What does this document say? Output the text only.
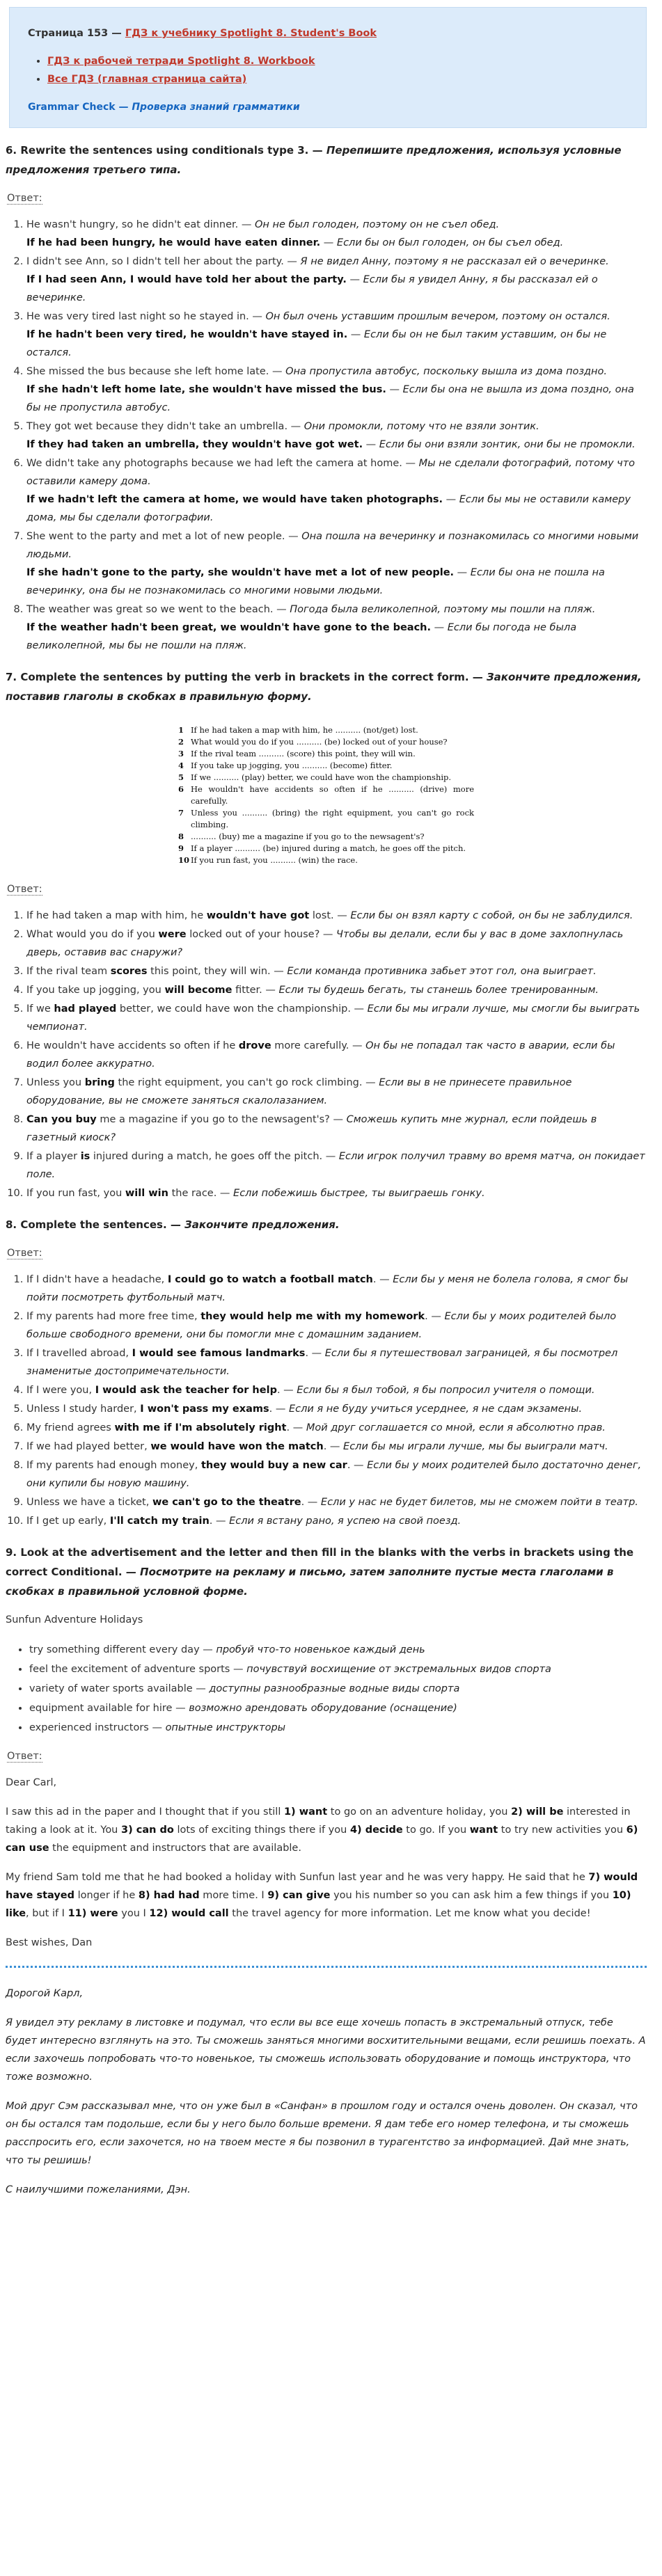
Страница 153 — ГДЗ к учебнику Spotlight 8. Student's Book
• ГДЗ к рабочей тетради Spotlight 8. Workbook
• Все ГДЗ (главная страница сайта)
Grammar Check — Проверка знаний грамматики
6. Rewrite the sentences using conditionals type 3. — Перепишите предложения, используя условные предложения третьего типа.
Ответ:
1. He wasn't hungry, so he didn't eat dinner. — Он не был голоден, поэтому он не съел обед.
If he had been hungry, he would have eaten dinner. — Если бы он был голоден, он бы съел обед.
2. I didn't see Ann, so I didn't tell her about the party. — Я не видел Анну, поэтому я не рассказал ей о вечеринке.
If I had seen Ann, I would have told her about the party. — Если бы я увидел Анну, я бы рассказал ей о вечеринке.
3. He was very tired last night so he stayed in. — Он был очень уставшим прошлым вечером, поэтому он остался.
If he hadn't been very tired, he wouldn't have stayed in. — Если бы он не был таким уставшим, он бы не остался.
4. She missed the bus because she left home late. — Она пропустила автобус, поскольку вышла из дома поздно.
If she hadn't left home late, she wouldn't have missed the bus. — Если бы она не вышла из дома поздно, она бы не пропустила автобус.
5. They got wet because they didn't take an umbrella. — Они промокли, потому что не взяли зонтик.
If they had taken an umbrella, they wouldn't have got wet. — Если бы они взяли зонтик, они бы не промокли.
6. We didn't take any photographs because we had left the camera at home. — Мы не сделали фотографий, потому что оставили камеру дома.
If we hadn't left the camera at home, we would have taken photographs. — Если бы мы не оставили камеру дома, мы бы сделали фотографии.
7. She went to the party and met a lot of new people. — Она пошла на вечеринку и познакомилась со многими новыми людьми.
If she hadn't gone to the party, she wouldn't have met a lot of new people. — Если бы она не пошла на вечеринку, она бы не познакомилась со многими новыми людьми.
8. The weather was great so we went to the beach. — Погода была великолепной, поэтому мы пошли на пляж.
If the weather hadn't been great, we wouldn't have gone to the beach. — Если бы погода не была великолепной, мы бы не пошли на пляж.
7. Complete the sentences by putting the verb in brackets in the correct form. — Закончите предложения, поставив глаголы в скобках в правильную форму.
1 If he had taken a map with him, he .......... (not/get) lost.
2 What would you do if you .......... (be) locked out of your house?
3 If the rival team .......... (score) this point, they will win.
4 If you take up jogging, you .......... (become) fitter.
5 If we .......... (play) better, we could have won the championship.
6 He wouldn't have accidents so often if he .......... (drive) more carefully.
7 Unless you .......... (bring) the right equipment, you can't go rock climbing.
8 .......... (buy) me a magazine if you go to the newsagent's?
9 If a player .......... (be) injured during a match, he goes off the pitch.
10 If you run fast, you .......... (win) the race.
Ответ:
1. If he had taken a map with him, he wouldn't have got lost. — Если бы он взял карту с собой, он бы не заблудился.
2. What would you do if you were locked out of your house? — Чтобы вы делали, если бы у вас в доме захлопнулась дверь, оставив вас снаружи?
3. If the rival team scores this point, they will win. — Если команда противника забьет этот гол, она выиграет.
4. If you take up jogging, you will become fitter. — Если ты будешь бегать, ты станешь более тренированным.
5. If we had played better, we could have won the championship. — Если бы мы играли лучше, мы смогли бы выиграть чемпионат.
6. He wouldn't have accidents so often if he drove more carefully. — Он бы не попадал так часто в аварии, если бы водил более аккуратно.
7. Unless you bring the right equipment, you can't go rock climbing. — Если вы в не принесете правильное оборудование, вы не сможете заняться скалолазанием.
8. Can you buy me a magazine if you go to the newsagent's? — Сможешь купить мне журнал, если пойдешь в газетный киоск?
9. If a player is injured during a match, he goes off the pitch. — Если игрок получил травму во время матча, он покидает поле.
10. If you run fast, you will win the race. — Если побежишь быстрее, ты выиграешь гонку.
8. Complete the sentences. — Закончите предложения.
Ответ:
1. If I didn't have a headache, I could go to watch a football match. — Если бы у меня не болела голова, я смог бы пойти посмотреть футбольный матч.
2. If my parents had more free time, they would help me with my homework. — Если бы у моих родителей было больше свободного времени, они бы помогли мне с домашним заданием.
3. If I travelled abroad, I would see famous landmarks. — Если бы я путешествовал заграницей, я бы посмотрел знаменитые достопримечательности.
4. If I were you, I would ask the teacher for help. — Если бы я был тобой, я бы попросил учителя о помощи.
5. Unless I study harder, I won't pass my exams. — Если я не буду учиться усерднее, я не сдам экзамены.
6. My friend agrees with me if I'm absolutely right. — Мой друг соглашается со мной, если я абсолютно прав.
7. If we had played better, we would have won the match. — Если бы мы играли лучше, мы бы выиграли матч.
8. If my parents had enough money, they would buy a new car. — Если бы у моих родителей было достаточно денег, они купили бы новую машину.
9. Unless we have a ticket, we can't go to the theatre. — Если у нас не будет билетов, мы не сможем пойти в театр.
10. If I get up early, I'll catch my train. — Если я встану рано, я успею на свой поезд.
9. Look at the advertisement and the letter and then fill in the blanks with the verbs in brackets using the correct Conditional. — Посмотрите на рекламу и письмо, затем заполните пустые места глаголами в скобках в правильной условной форме.

Sunfun Adventure Holidays

• try something different every day — пробуй что-то новенькое каждый день
• feel the excitement of adventure sports — почувствуй восхищение от экстремальных видов спорта
• variety of water sports available — доступны разнообразные водные виды спорта
• equipment available for hire — возможно арендовать оборудование (оснащение)
• experienced instructors — опытные инструкторы
Ответ:

Dear Carl,

I saw this ad in the paper and I thought that if you still 1) want to go on an adventure holiday, you 2) will be interested in taking a look at it. You 3) can do lots of exciting things there if you 4) decide to go. If you want to try new activities you 6) can use the equipment and instructors that are available.

My friend Sam told me that he had booked a holiday with Sunfun last year and he was very happy. He said that he 7) would have stayed longer if he 8) had had more time. I 9) can give you his number so you can ask him a few things if you 10) like, but if I 11) were you I 12) would call the travel agency for more information. Let me know what you decide!

Best wishes, Dan

Дорогой Карл,

Я увидел эту рекламу в листовке и подумал, что если вы все еще хочешь попасть в экстремальный отпуск, тебе будет интересно взглянуть на это. Ты сможешь заняться многими восхитительными вещами, если решишь поехать. А если захочешь попробовать что-то новенькое, ты сможешь использовать оборудование и помощь инструктора, что тоже возможно.

Мой друг Сэм рассказывал мне, что он уже был в «Санфан» в прошлом году и остался очень доволен. Он сказал, что он бы остался там подольше, если бы у него было больше времени. Я дам тебе его номер телефона, и ты сможешь расспросить его, если захочется, но на твоем месте я бы позвонил в турагентство за информацией. Дай мне знать, что ты решишь!

С наилучшими пожеланиями, Дэн.
